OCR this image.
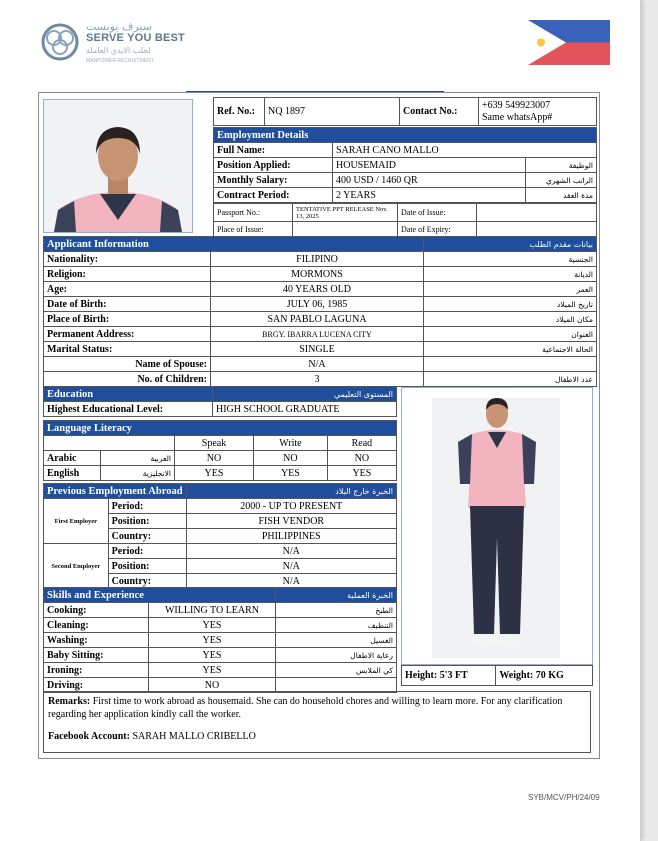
سيرف يوبست
SERVE YOU BEST
لجلب الايدي العاملة
MANPOWER RECRUITMENT
Ref. No.:	NQ 1897	Contact No.:	
+639 549923007
Same whatsApp#
Employment Details		
Full Name:	SARAH CANO MALLO	
Position Applied:	HOUSEMAID	الوظيفة
Monthly Salary:	400 USD / 1460 QR	الراتب الشهري
Contract Period:	2 YEARS	مدة العقد
Passport No.:	TENTATIVE PPT RELEASE Nov. 13, 2025	Date of Issue:	
Place of Issue:		Date of Expiry:	
Applicant Information		بيانات مقدم الطلب
Nationality:	FILIPINO	الجنسية
Religion:	MORMONS	الديانة
Age:	40 YEARS OLD	العمر
Date of Birth:	JULY 06, 1985	تاريخ الميلاد
Place of Birth:	SAN PABLO LAGUNA	مكان الميلاد
Permanent Address:	BRGY. IBARRA LUCENA CITY	العنوان
Marital Status:	SINGLE	الحالة الاجتماعية
Name of Spouse:	N/A	
No. of Children:	3	عدد الاطفال
Education	المستوى التعليمي
Highest Educational Level:	HIGH SCHOOL GRADUATE
Language Literacy				
		Speak	Write	Read
Arabic	العربية	NO	NO	NO
English	الانجليزية	YES	YES	YES
Previous Employment Abroad		الخبرة خارج البلاد
First Employer	Period:	2000 - UP TO PRESENT
	Position:	FISH VENDOR
	Country:	PHILIPPINES
Second Employer	Period:	N/A
	Position:	N/A
	Country:	N/A
Skills and Experience		الخبرة العملية
Cooking:	WILLING TO LEARN	الطبخ
Cleaning:	YES	التنظيف
Washing:	YES	الغسيل
Baby Sitting:	YES	رعاية الاطفال
Ironing:	YES	كي الملابس
Driving:	NO	
Height: 5'3 FT	Weight: 70 KG

Remarks: First time to work abroad as housemaid. She can do household chores and willing to learn more. For any clarification regarding her application kindly call the worker.

Facebook Account: SARAH MALLO CRIBELLO

SYB/MCV/PH/24/09
